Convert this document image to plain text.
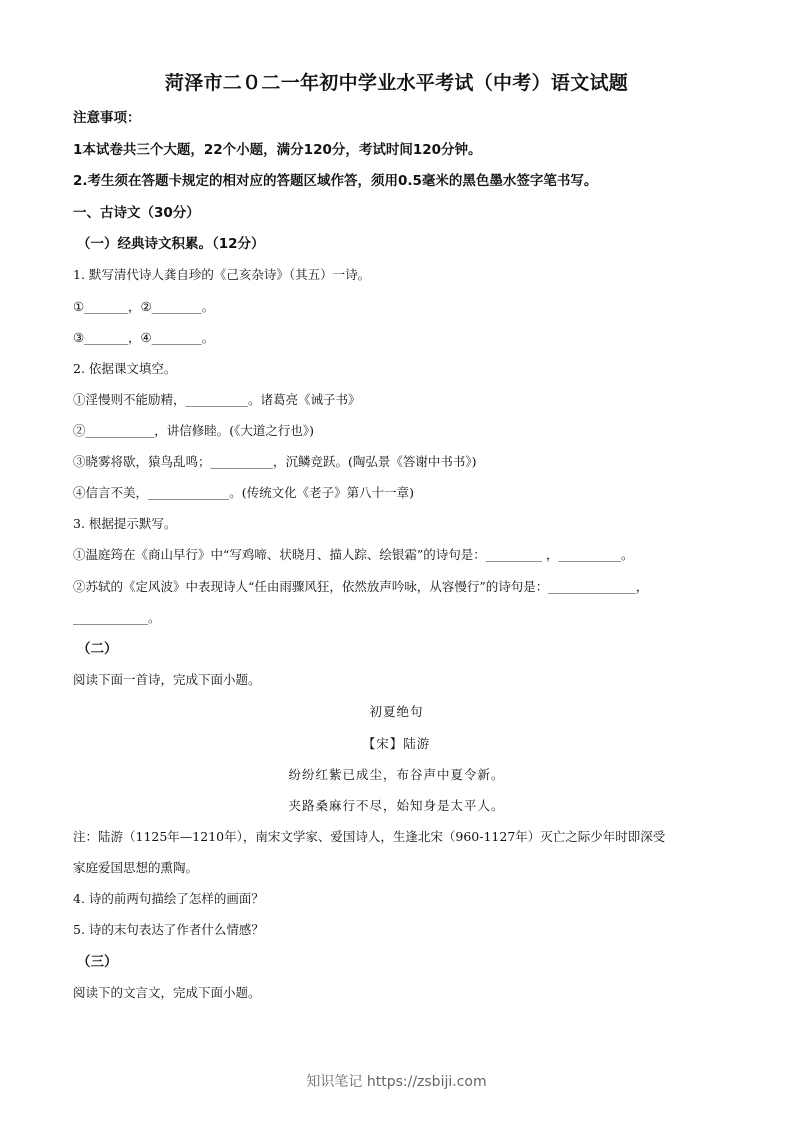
菏泽市二０二一年初中学业水平考试（中考）语文试题
注意事项：
1本试卷共三个大题，22个小题，满分120分，考试时间120分钟。
2.考生须在答题卡规定的相对应的答题区域作答，须用0.5毫米的黑色墨水签字笔书写。
一、古诗文（30分）
（一）经典诗文积累。（12分）
1. 默写清代诗人龚自珍的《己亥杂诗》（其五）一诗。
①_______，②________。
③_______，④________。
2. 依据课文填空。
①淫慢则不能励精，__________。诸葛亮《诫子书》
②___________，讲信修睦。(《大道之行也》)
③晓雾将歇，猿鸟乱鸣；__________，沉鳞竞跃。(陶弘景《答谢中书书》)
④信言不美，_____________。(传统文化《老子》第八十一章)
3. 根据提示默写。
①温庭筠在《商山早行》中“写鸡啼、状晓月、描人踪、绘银霜”的诗句是：_________ ，__________。
②苏轼的《定风波》中表现诗人“任由雨骤风狂，依然放声吟咏，从容慢行”的诗句是：______________，
____________。
（二）
阅读下面一首诗，完成下面小题。
初夏绝句
【宋】陆游
纷纷红紫已成尘，布谷声中夏令新。
夹路桑麻行不尽，始知身是太平人。
注：陆游（1125年—1210年），南宋文学家、爱国诗人，生逢北宋（960-1127年）灭亡之际少年时即深受
家庭爱国思想的熏陶。
4. 诗的前两句描绘了怎样的画面？
5. 诗的末句表达了作者什么情感？
（三）
阅读下的文言文，完成下面小题。
知识笔记 https://zsbiji.com
